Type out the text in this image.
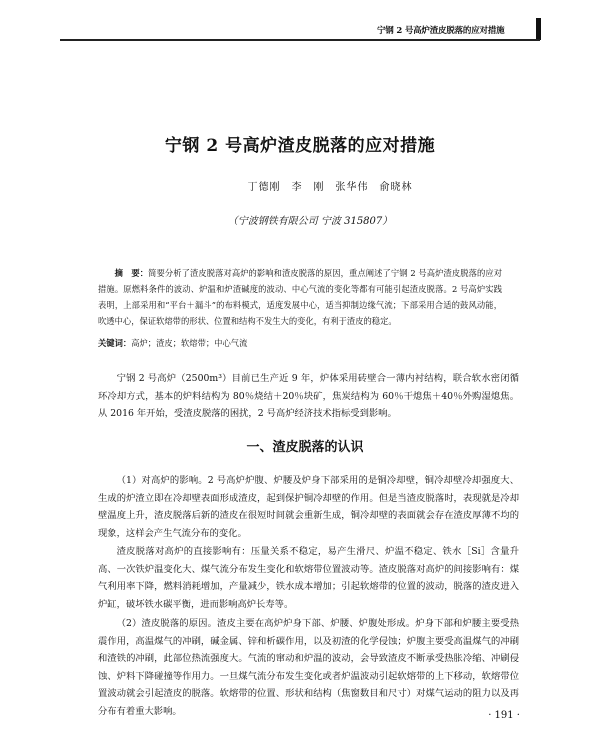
宁钢 2 号高炉渣皮脱落的应对措施
宁钢 2 号高炉渣皮脱落的应对措施
丁德刚　李　刚　张华伟　俞晓林
（宁波钢铁有限公司 宁波 315807）
摘　要：简要分析了渣皮脱落对高炉的影响和渣皮脱落的原因，重点阐述了宁钢 2 号高炉渣皮脱落的应对措施。原燃料条件的波动、炉温和炉渣碱度的波动、中心气流的变化等都有可能引起渣皮脱落。2 号高炉实践表明，上部采用和“平台＋漏斗”的布料模式，适度发展中心，适当抑制边缘气流；下部采用合适的鼓风动能，吹透中心，保证软熔带的形状、位置和结构不发生大的变化，有利于渣皮的稳定。
关键词：高炉；渣皮；软熔带；中心气流
宁钢 2 号高炉（2500m³）目前已生产近 9 年，炉体采用砖壁合一薄内衬结构，联合软水密闭循环冷却方式，基本的炉料结构为 80％烧结＋20％块矿，焦炭结构为 60％干熄焦＋40％外购湿熄焦。从 2016 年开始，受渣皮脱落的困扰，2 号高炉经济技术指标受到影响。
一、渣皮脱落的认识
（1）对高炉的影响。2 号高炉炉腹、炉腰及炉身下部采用的是铜冷却壁，铜冷却壁冷却强度大、生成的炉渣立即在冷却壁表面形成渣皮，起到保护铜冷却壁的作用。但是当渣皮脱落时，表现就是冷却壁温度上升，渣皮脱落后新的渣皮在很短时间就会重新生成，铜冷却壁的表面就会存在渣皮厚薄不均的现象，这样会产生气流分布的变化。
渣皮脱落对高炉的直接影响有：压量关系不稳定，易产生滑尺、炉温不稳定、铁水［Si］含量升高、一次铁炉温变化大、煤气流分布发生变化和软熔带位置波动等。渣皮脱落对高炉的间接影响有：煤气利用率下降，燃料消耗增加，产量减少，铁水成本增加；引起软熔带的位置的波动，脱落的渣皮进入炉缸，破坏铁水碳平衡，进而影响高炉长寿等。
（2）渣皮脱落的原因。渣皮主要在高炉炉身下部、炉腰、炉腹处形成。炉身下部和炉腰主要受热震作用，高温煤气的冲刷，碱金属、锌和析碳作用，以及初渣的化学侵蚀；炉腹主要受高温煤气的冲刷和渣铁的冲刷，此部位热流强度大。气流的窜动和炉温的波动，会导致渣皮不断承受热胀冷缩、冲刷侵蚀、炉料下降碰撞等作用力。一旦煤气流分布发生变化或者炉温波动引起软熔带的上下移动，软熔带位置波动就会引起渣皮的脱落。软熔带的位置、形状和结构（焦窗数目和尺寸）对煤气运动的阻力以及再分布有着重大影响。	· 191 ·
